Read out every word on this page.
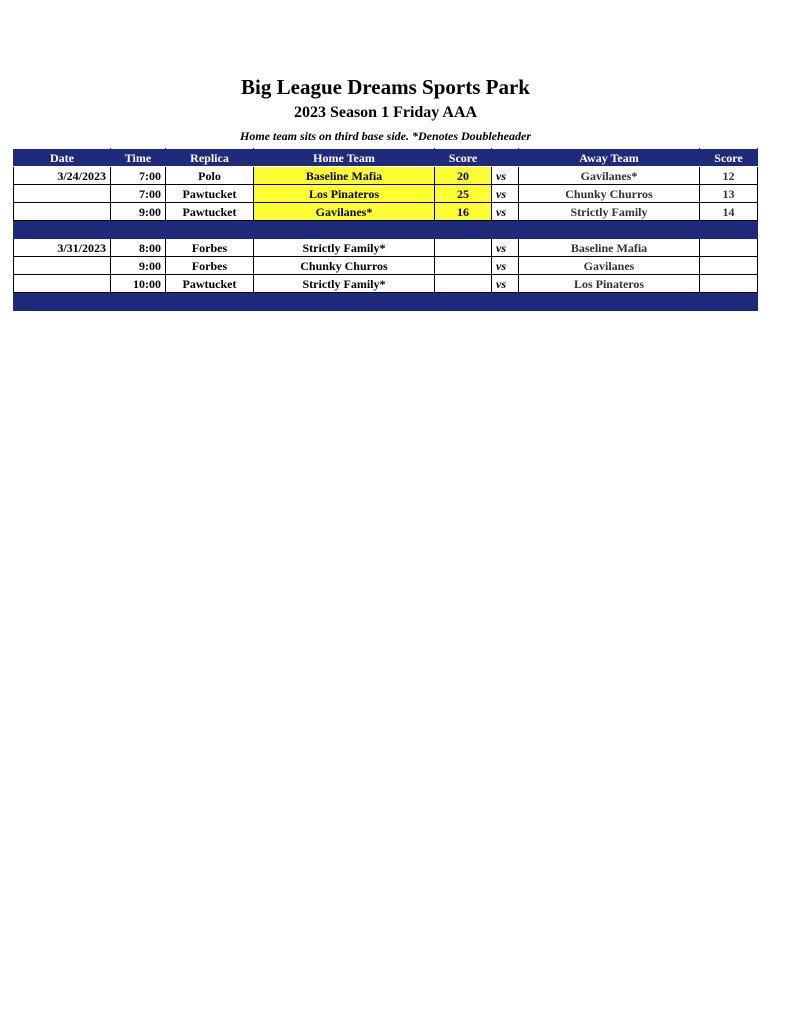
Big League Dreams Sports Park
2023 Season 1 Friday AAA
Home team sits on third base side. *Denotes Doubleheader
Date	Time	Replica	Home Team	Score		Away Team	Score
3/24/2023	7:00	Polo	Baseline Mafia	20	vs	Gavilanes*	12
	7:00	Pawtucket	Los Pinateros	25	vs	Chunky Churros	13
	9:00	Pawtucket	Gavilanes*	16	vs	Strictly Family	14

3/31/2023	8:00	Forbes	Strictly Family*		vs	Baseline Mafia	
	9:00	Forbes	Chunky Churros		vs	Gavilanes	
	10:00	Pawtucket	Strictly Family*		vs	Los Pinateros	
